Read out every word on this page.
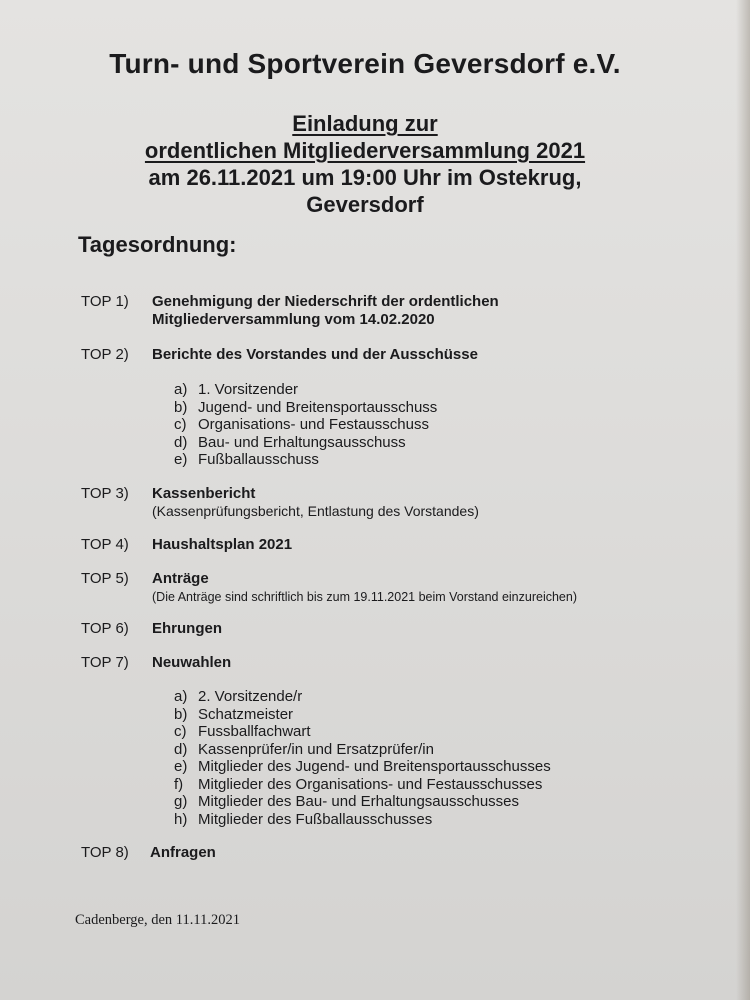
Turn- und Sportverein Geversdorf e.V.
Einladung zur
ordentlichen Mitgliederversammlung 2021
am 26.11.2021 um 19:00 Uhr im Ostekrug,
Geversdorf
Tagesordnung:
TOP 1) Genehmigung der Niederschrift der ordentlichen Mitgliederversammlung vom 14.02.2020
TOP 2) Berichte des Vorstandes und der Ausschüsse
a) 1. Vorsitzender
b) Jugend- und Breitensportausschuss
c) Organisations- und Festausschuss
d) Bau- und Erhaltungsausschuss
e) Fußballausschuss
TOP 3) Kassenbericht
(Kassenprüfungsbericht, Entlastung des Vorstandes)
TOP 4) Haushaltsplan 2021
TOP 5) Anträge
(Die Anträge sind schriftlich bis zum 19.11.2021 beim Vorstand einzureichen)
TOP 6) Ehrungen
TOP 7) Neuwahlen
a) 2. Vorsitzende/r
b) Schatzmeister
c) Fussballfachwart
d) Kassenprüfer/in und Ersatzprüfer/in
e) Mitglieder des Jugend- und Breitensportausschusses
f) Mitglieder des Organisations- und Festausschusses
g) Mitglieder des Bau- und Erhaltungsausschusses
h) Mitglieder des Fußballausschusses
TOP 8) Anfragen
Cadenberge, den 11.11.2021
